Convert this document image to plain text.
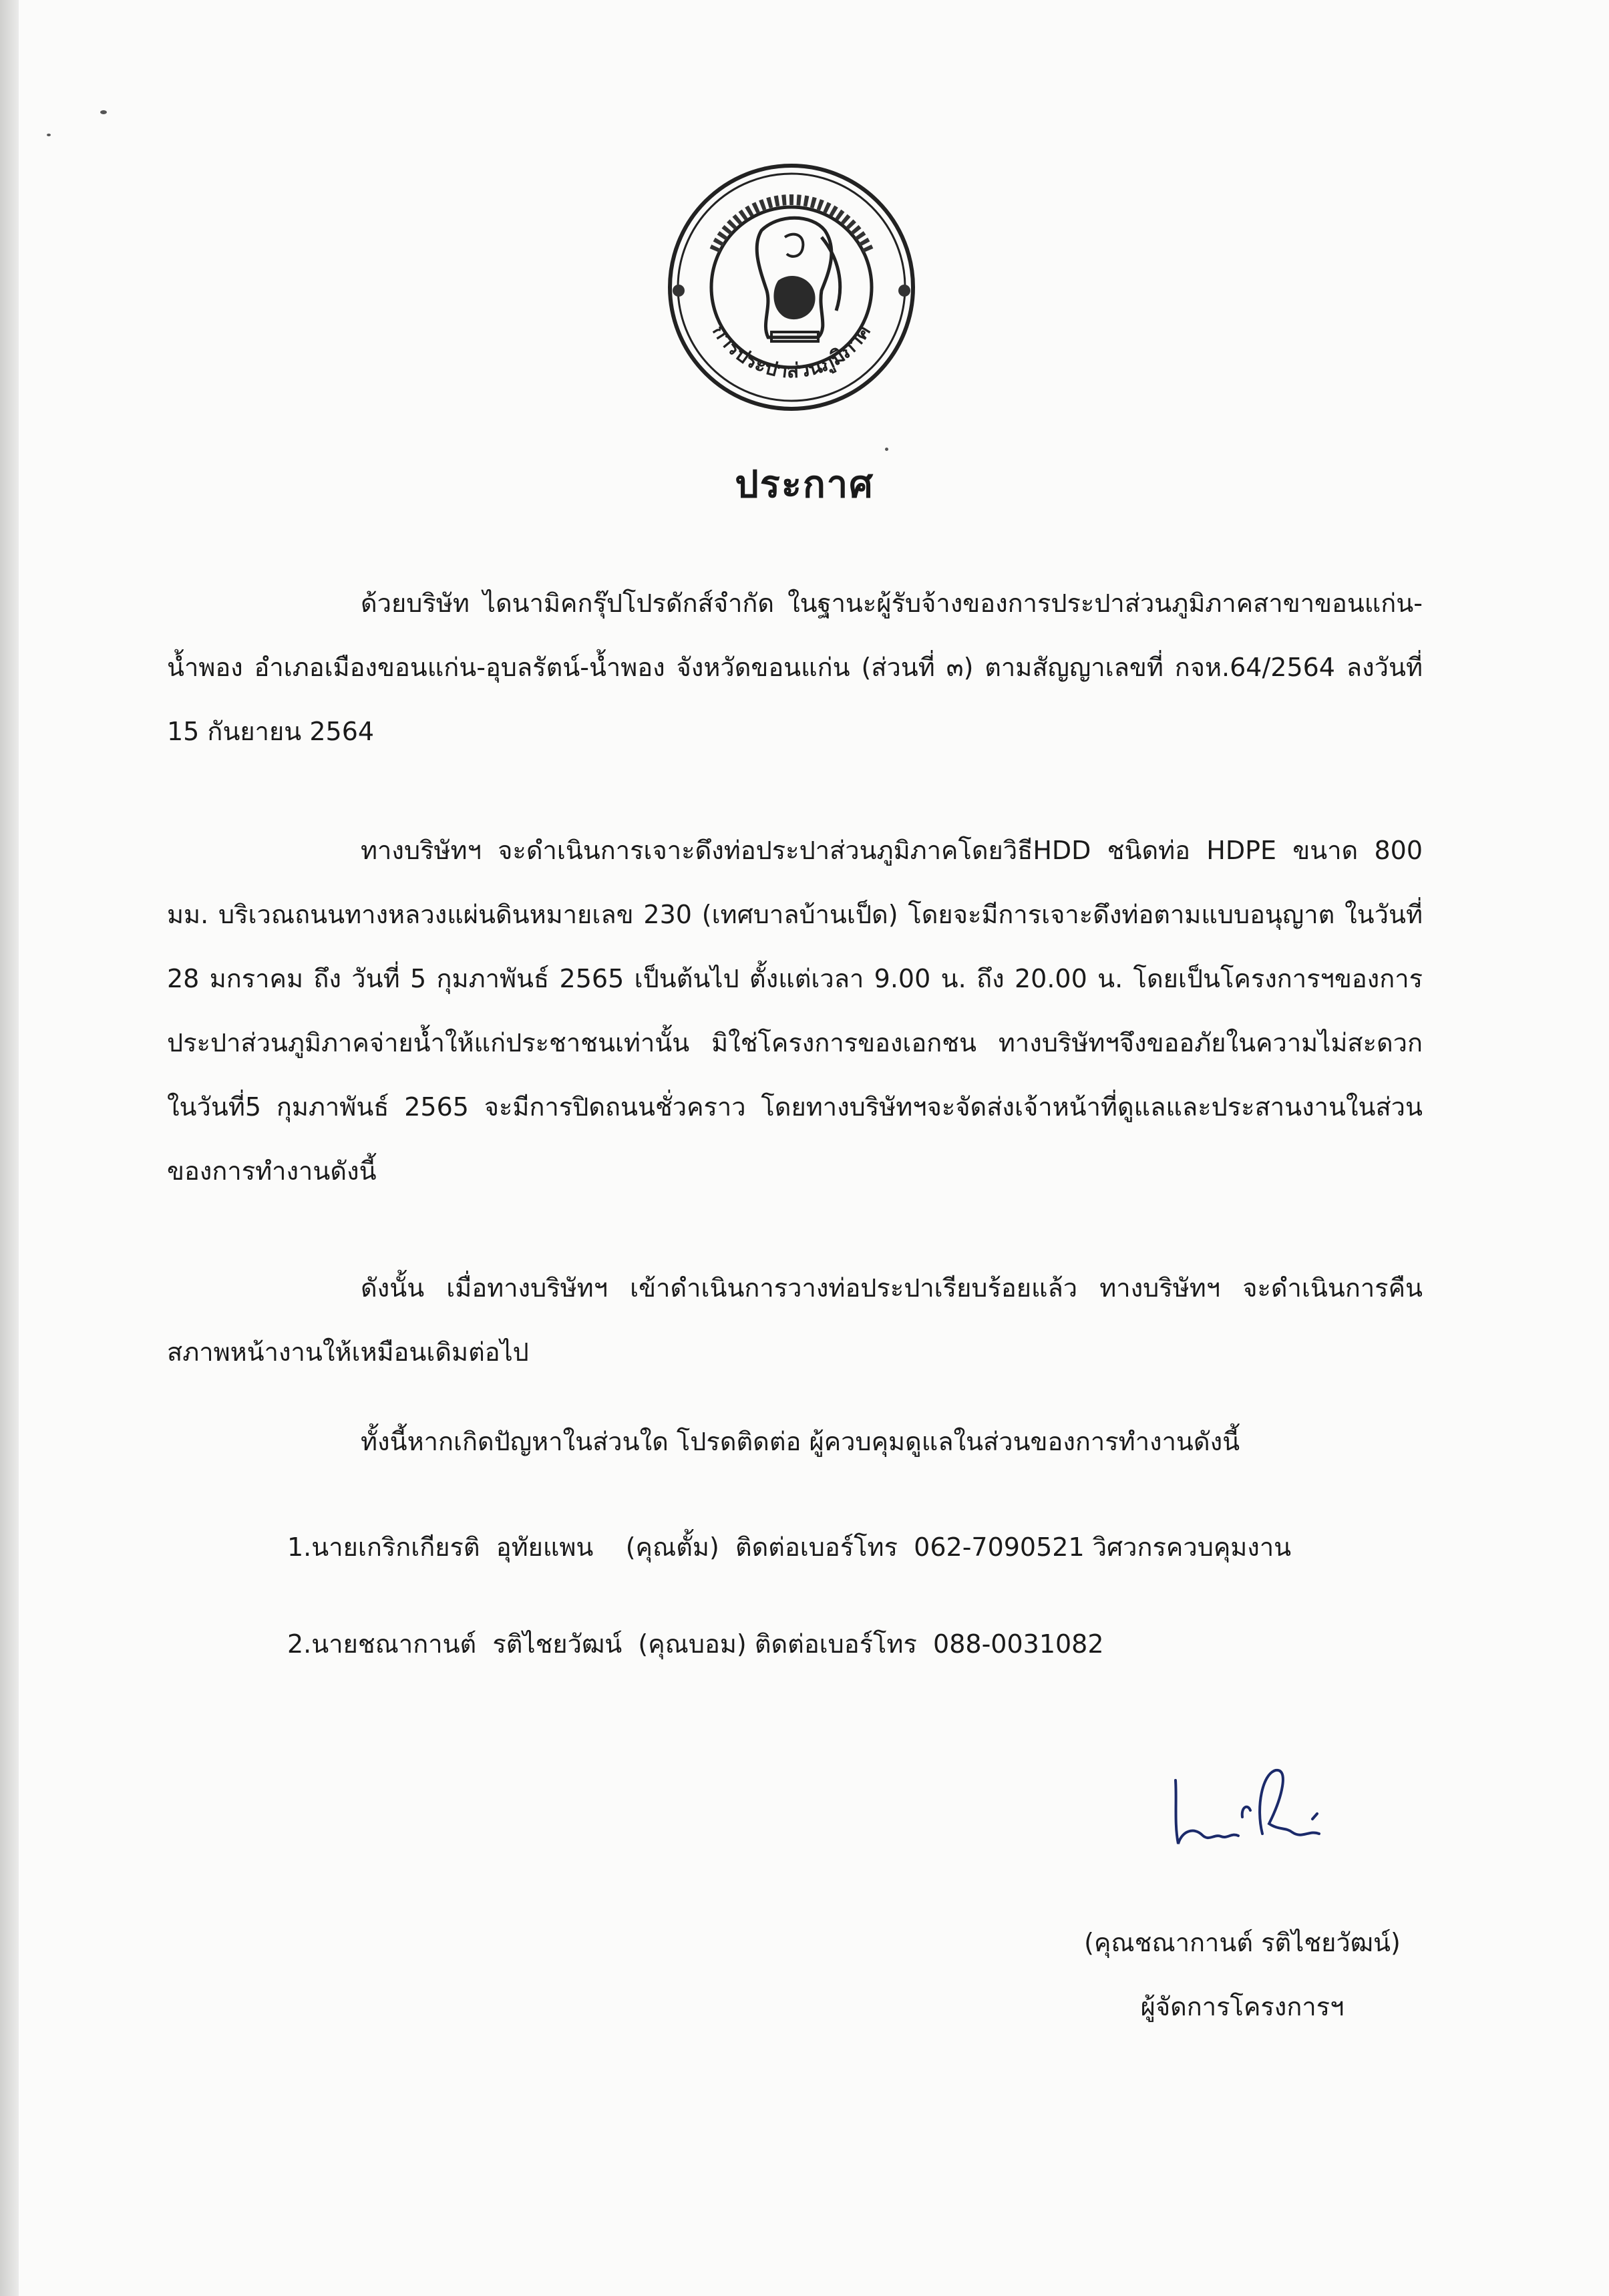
การประปาส่วนภูมิภาค
ประกาศ
ด้วยบริษัท ไดนามิคกรุ๊ปโปรดักส์จำกัด ในฐานะผู้รับจ้างของการประปาส่วนภูมิภาคสาขาขอนแก่น-น้ำพอง อำเภอเมืองขอนแก่น-อุบลรัตน์-น้ำพอง จังหวัดขอนแก่น (ส่วนที่ ๓) ตามสัญญาเลขที่ กจห.64/2564 ลงวันที่ 15 กันยายน 2564
ทางบริษัทฯ จะดำเนินการเจาะดึงท่อประปาส่วนภูมิภาคโดยวิธีHDD ชนิดท่อ HDPE ขนาด 800 มม. บริเวณถนนทางหลวงแผ่นดินหมายเลข 230 (เทศบาลบ้านเป็ด) โดยจะมีการเจาะดึงท่อตามแบบอนุญาต ในวันที่ 28 มกราคม ถึง วันที่ 5 กุมภาพันธ์ 2565 เป็นต้นไป ตั้งแต่เวลา 9.00 น. ถึง 20.00 น. โดยเป็นโครงการฯของการประปาส่วนภูมิภาคจ่ายน้ำให้แก่ประชาชนเท่านั้น มิใช่โครงการของเอกชน ทางบริษัทฯจึงขออภัยในความไม่สะดวกในวันที่5 กุมภาพันธ์ 2565 จะมีการปิดถนนชั่วคราว โดยทางบริษัทฯจะจัดส่งเจ้าหน้าที่ดูแลและประสานงานในส่วนของการทำงานดังนี้
ดังนั้น เมื่อทางบริษัทฯ เข้าดำเนินการวางท่อประปาเรียบร้อยแล้ว ทางบริษัทฯ จะดำเนินการคืนสภาพหน้างานให้เหมือนเดิมต่อไป
ทั้งนี้หากเกิดปัญหาในส่วนใด โปรดติดต่อ ผู้ควบคุมดูแลในส่วนของการทำงานดังนี้
1.นายเกริกเกียรติ  อุทัยแพน    (คุณตั้ม)  ติดต่อเบอร์โทร  062-7090521 วิศวกรควบคุมงาน
2.นายชณากานต์  รติไชยวัฒน์  (คุณบอม) ติดต่อเบอร์โทร  088-0031082
(คุณชณากานต์ รติไชยวัฒน์)
ผู้จัดการโครงการฯ
